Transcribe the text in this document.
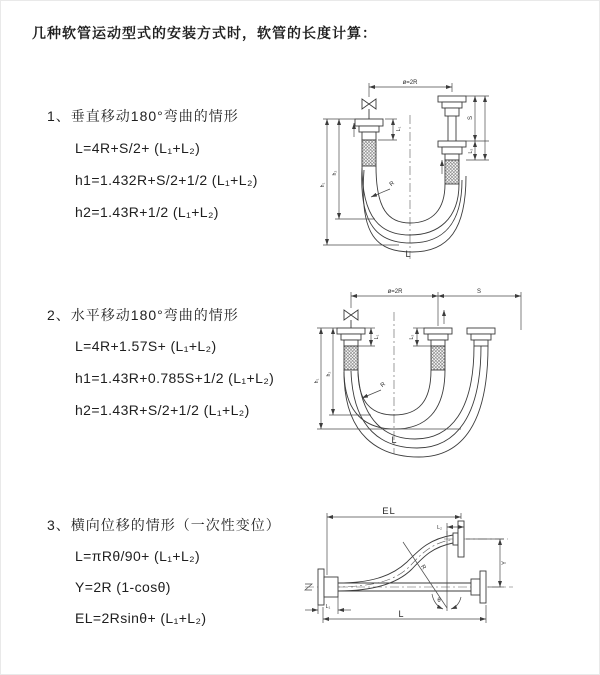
几种软管运动型式的安装方式时，软管的长度计算：
1、垂直移动180°弯曲的情形
L=4R+S/2+ (L₁+L₂)
h1=1.432R+S/2+1/2 (L₁+L₂)
h2=1.43R+1/2 (L₁+L₂)
2、水平移动180°弯曲的情形
L=4R+1.57S+ (L₁+L₂)
h1=1.43R+0.785S+1/2 (L₁+L₂)
h2=1.43R+S/2+1/2 (L₁+L₂)
3、横向位移的情形（一次性变位）
L=πRθ/90+ (L₁+L₂)
Y=2R (1-cosθ)
EL=2Rsinθ+ (L₁+L₂)
ø=2R
L₁
S
L₂
h₁
h₂
R
L
ø=2R	S
L₁	L₂
h₁
h₂
R
L
EL
L₂
R
θ
Y
L₁
L
